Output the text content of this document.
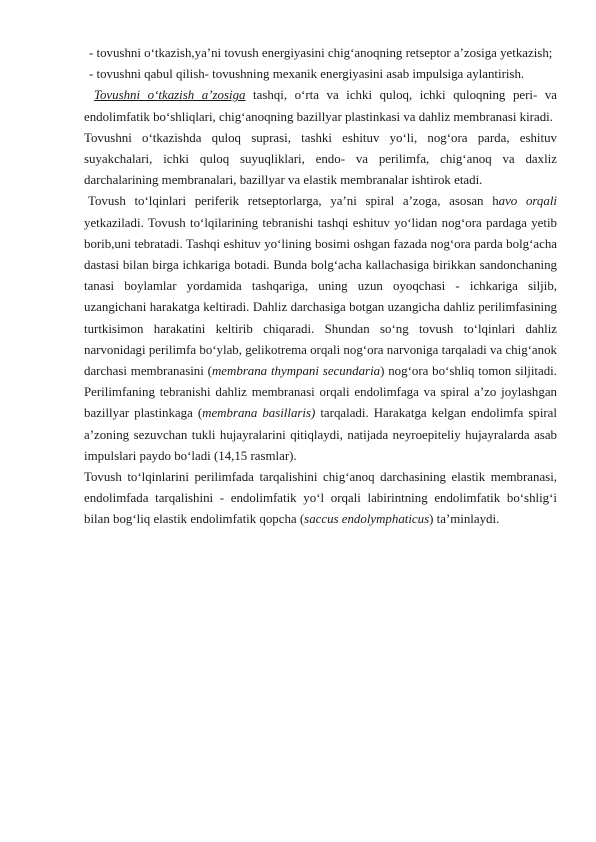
- tovushni o‘tkazish,ya’ni tovush energiyasini chig‘anoqning retseptor a’zosiga yetkazish;

- tovushni qabul qilish- tovushning mexanik energiyasini asab impulsiga aylantirish.

Tovushni o‘tkazish a’zosiga tashqi, o‘rta va ichki quloq, ichki quloqning peri- va endolimfatik bo‘shliqlari, chig‘anoqning bazillyar plastinkasi va dahliz membranasi kiradi.

Tovushni o‘tkazishda quloq suprasi, tashki eshituv yo‘li, nog‘ora parda, eshituv suyakchalari, ichki quloq suyuqliklari, endo- va perilimfa, chig‘anoq va daxliz darchalarining membranalari, bazillyar va elastik membranalar ishtirok etadi.

Tovush to‘lqinlari periferik retseptorlarga, ya’ni spiral a’zoga, asosan havo orqali yetkaziladi. Tovush to‘lqilarining tebranishi tashqi eshituv yo‘lidan nog‘ora pardaga yetib borib,uni tebratadi. Tashqi eshituv yo‘lining bosimi oshgan fazada nog‘ora parda bolg‘acha dastasi bilan birga ichkariga botadi. Bunda bolg‘acha kallachasiga birikkan sandonchaning tanasi boylamlar yordamida tashqariga, uning uzun oyoqchasi - ichkariga siljib, uzangichani harakatga keltiradi. Dahliz darchasiga botgan uzangicha dahliz perilimfasining turtkisimon harakatini keltirib chiqaradi. Shundan so‘ng tovush to‘lqinlari dahliz narvonidagi perilimfa bo‘ylab, gelikotrema orqali nog‘ora narvoniga tarqaladi va chig‘anok darchasi membranasini (membrana thympani secundaria) nog‘ora bo‘shliq tomon siljitadi. Perilimfaning tebranishi dahliz membranasi orqali endolimfaga va spiral a’zo joylashgan bazillyar plastinkaga (membrana basillaris) tarqaladi. Harakatga kelgan endolimfa spiral a’zoning sezuvchan tukli hujayralarini qitiqlaydi, natijada neyroepiteliy hujayralarda asab impulslari paydo bo‘ladi (14,15 rasmlar).

Tovush to‘lqinlarini perilimfada tarqalishini chig‘anoq darchasining elastik membranasi, endolimfada tarqalishini - endolimfatik yo‘l orqali labirintning endolimfatik bo‘shlig‘i bilan bog‘liq elastik endolimfatik qopcha (saccus endolymphaticus) ta’minlaydi.
